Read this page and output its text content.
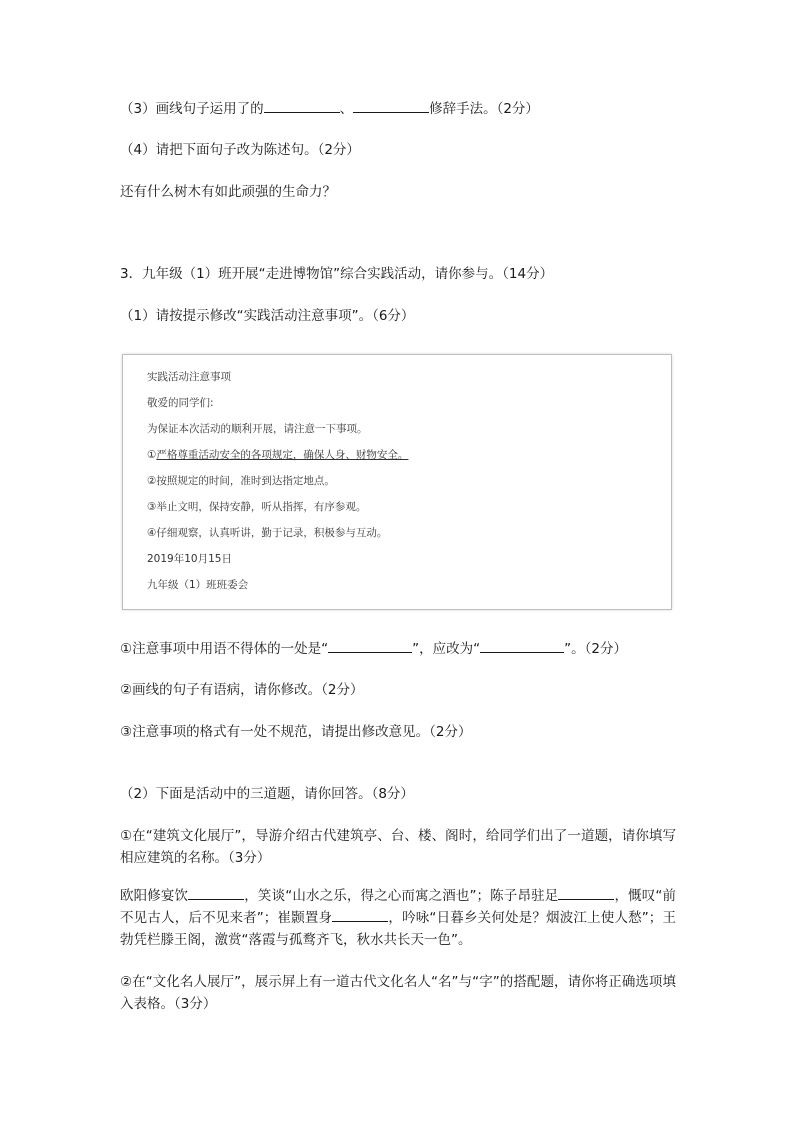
（3）画线句子运用了的	、	修辞手法。（2分）
（4）请把下面句子改为陈述句。（2分）
还有什么树木有如此顽强的生命力？
3．九年级（1）班开展“走进博物馆”综合实践活动，请你参与。（14分）
（1）请按提示修改“实践活动注意事项”。（6分）
实践活动注意事项
敬爱的同学们:
为保证本次活动的顺利开展，请注意一下事项。
①严格尊重活动安全的各项规定，确保人身、财物安全。
②按照规定的时间，准时到达指定地点。
③举止文明，保持安静，听从指挥，有序参观。
④仔细观察，认真听讲，勤于记录，积极参与互动。
2019年10月15日
九年级（1）班班委会
①注意事项中用语不得体的一处是“	”，应改为“	”。（2分）
②画线的句子有语病，请你修改。（2分）
③注意事项的格式有一处不规范，请提出修改意见。（2分）
（2）下面是活动中的三道题，请你回答。（8分）
①在“建筑文化展厅”，导游介绍古代建筑亭、台、楼、阁时，给同学们出了一道题，请你填写相应建筑的名称。（3分）
欧阳修宴饮	，笑谈“山水之乐，得之心而寓之酒也”；陈子昂驻足	，慨叹“前不见古人，后不见来者”；崔颢置身	，吟咏“日暮乡关何处是？烟波江上使人愁”；王勃凭栏滕王阁，激赏“落霞与孤鹜齐飞，秋水共长天一色”。
②在“文化名人展厅”，展示屏上有一道古代文化名人“名”与“字”的搭配题，请你将正确选项填入表格。（3分）
